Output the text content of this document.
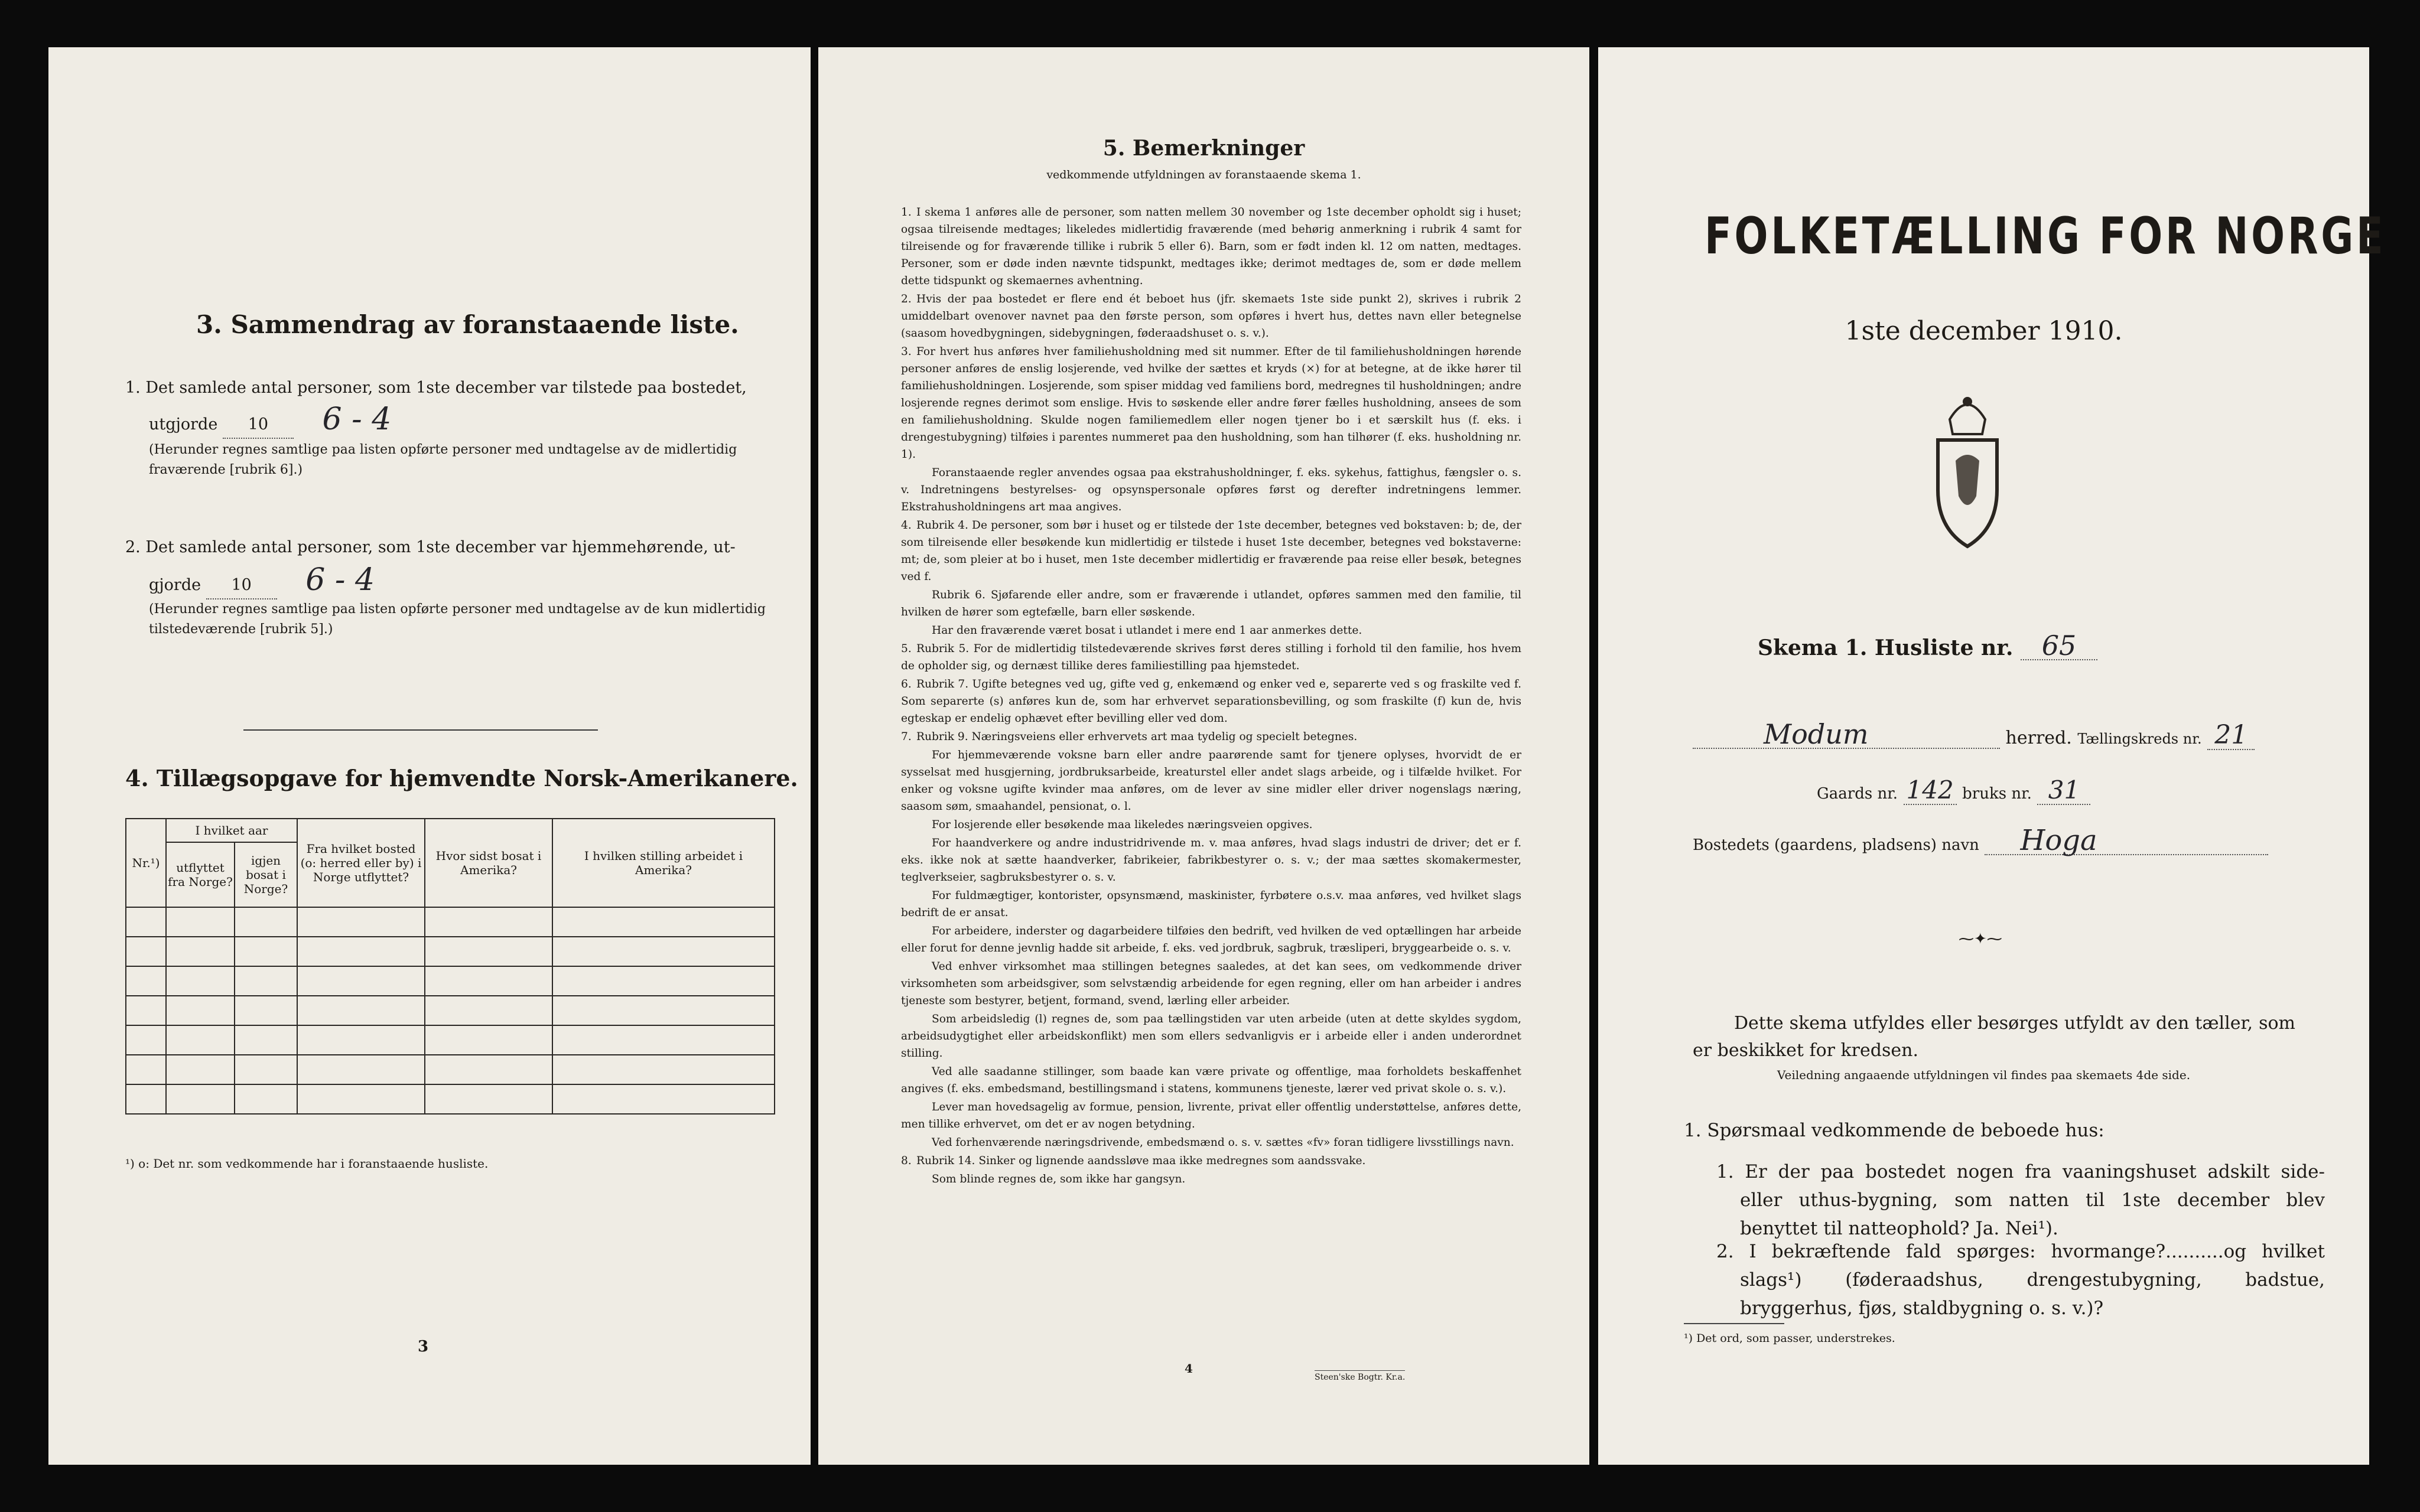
3. Sammendrag av foranstaaende liste.
1. Det samlede antal personer, som 1ste december var tilstede paa bostedet,
utgjorde 10 6 - 4
(Herunder regnes samtlige paa listen opførte personer med undtagelse av de midlertidig fraværende [rubrik 6].)
2. Det samlede antal personer, som 1ste december var hjemmehørende, ut-
gjorde 10 6 - 4
(Herunder regnes samtlige paa listen opførte personer med undtagelse av de kun midlertidig tilstedeværende [rubrik 5].)
4. Tillægsopgave for hjemvendte Norsk-Amerikanere.
Nr.¹)	I hvilket aar		Fra hvilket bosted (o: herred eller by) i Norge utflyttet?	Hvor sidst bosat i Amerika?	I hvilken stilling arbeidet i Amerika?
	utflyttet fra Norge?	igjen bosat i Norge?			

¹) o: Det nr. som vedkommende har i foranstaaende husliste.
3
5. Bemerkninger
vedkommende utfyldningen av foranstaaende skema 1.

1. I skema 1 anføres alle de personer, som natten mellem 30 november og 1ste december opholdt sig i huset; ogsaa tilreisende medtages; likeledes midlertidig fraværende (med behørig anmerkning i rubrik 4 samt for tilreisende og for fraværende tillike i rubrik 5 eller 6). Barn, som er født inden kl. 12 om natten, medtages. Personer, som er døde inden nævnte tidspunkt, medtages ikke; derimot medtages de, som er døde mellem dette tidspunkt og skemaernes avhentning.

2. Hvis der paa bostedet er flere end ét beboet hus (jfr. skemaets 1ste side punkt 2), skrives i rubrik 2 umiddelbart ovenover navnet paa den første person, som opføres i hvert hus, dettes navn eller betegnelse (saasom hovedbygningen, sidebygningen, føderaadshuset o. s. v.).

3. For hvert hus anføres hver familiehusholdning med sit nummer. Efter de til familiehusholdningen hørende personer anføres de enslig losjerende, ved hvilke der sættes et kryds (×) for at betegne, at de ikke hører til familiehusholdningen. Losjerende, som spiser middag ved familiens bord, medregnes til husholdningen; andre losjerende regnes derimot som enslige. Hvis to søskende eller andre fører fælles husholdning, ansees de som en familiehusholdning. Skulde nogen familiemedlem eller nogen tjener bo i et særskilt hus (f. eks. i drengestubygning) tilføies i parentes nummeret paa den husholdning, som han tilhører (f. eks. husholdning nr. 1).

Foranstaaende regler anvendes ogsaa paa ekstrahusholdninger, f. eks. sykehus, fattighus, fængsler o. s. v. Indretningens bestyrelses- og opsynspersonale opføres først og derefter indretningens lemmer. Ekstrahusholdningens art maa angives.

4. Rubrik 4. De personer, som bør i huset og er tilstede der 1ste december, betegnes ved bokstaven: b; de, der som tilreisende eller besøkende kun midlertidig er tilstede i huset 1ste december, betegnes ved bokstaverne: mt; de, som pleier at bo i huset, men 1ste december midlertidig er fraværende paa reise eller besøk, betegnes ved f.

Rubrik 6. Sjøfarende eller andre, som er fraværende i utlandet, opføres sammen med den familie, til hvilken de hører som egtefælle, barn eller søskende.

Har den fraværende været bosat i utlandet i mere end 1 aar anmerkes dette.

5. Rubrik 5. For de midlertidig tilstedeværende skrives først deres stilling i forhold til den familie, hos hvem de opholder sig, og dernæst tillike deres familiestilling paa hjemstedet.

6. Rubrik 7. Ugifte betegnes ved ug, gifte ved g, enkemænd og enker ved e, separerte ved s og fraskilte ved f. Som separerte (s) anføres kun de, som har erhvervet separationsbevilling, og som fraskilte (f) kun de, hvis egteskap er endelig ophævet efter bevilling eller ved dom.

7. Rubrik 9. Næringsveiens eller erhvervets art maa tydelig og specielt betegnes.

For hjemmeværende voksne barn eller andre paarørende samt for tjenere oplyses, hvorvidt de er sysselsat med husgjerning, jordbruksarbeide, kreaturstel eller andet slags arbeide, og i tilfælde hvilket. For enker og voksne ugifte kvinder maa anføres, om de lever av sine midler eller driver nogenslags næring, saasom søm, smaahandel, pensionat, o. l.

For losjerende eller besøkende maa likeledes næringsveien opgives.

For haandverkere og andre industridrivende m. v. maa anføres, hvad slags industri de driver; det er f. eks. ikke nok at sætte haandverker, fabrikeier, fabrikbestyrer o. s. v.; der maa sættes skomakermester, teglverkseier, sagbruksbestyrer o. s. v.

For fuldmægtiger, kontorister, opsynsmænd, maskinister, fyrbøtere o.s.v. maa anføres, ved hvilket slags bedrift de er ansat.

For arbeidere, inderster og dagarbeidere tilføies den bedrift, ved hvilken de ved optællingen har arbeide eller forut for denne jevnlig hadde sit arbeide, f. eks. ved jordbruk, sagbruk, træsliperi, bryggearbeide o. s. v.

Ved enhver virksomhet maa stillingen betegnes saaledes, at det kan sees, om vedkommende driver virksomheten som arbeidsgiver, som selvstændig arbeidende for egen regning, eller om han arbeider i andres tjeneste som bestyrer, betjent, formand, svend, lærling eller arbeider.

Som arbeidsledig (l) regnes de, som paa tællingstiden var uten arbeide (uten at dette skyldes sygdom, arbeidsudygtighet eller arbeidskonflikt) men som ellers sedvanligvis er i arbeide eller i anden underordnet stilling.

Ved alle saadanne stillinger, som baade kan være private og offentlige, maa forholdets beskaffenhet angives (f. eks. embedsmand, bestillingsmand i statens, kommunens tjeneste, lærer ved privat skole o. s. v.).

Lever man hovedsagelig av formue, pension, livrente, privat eller offentlig understøttelse, anføres dette, men tillike erhvervet, om det er av nogen betydning.

Ved forhenværende næringsdrivende, embedsmænd o. s. v. sættes «fv» foran tidligere livsstillings navn.

8. Rubrik 14. Sinker og lignende aandssløve maa ikke medregnes som aandssvake.

Som blinde regnes de, som ikke har gangsyn.

4
Steen'ske Bogtr. Kr.a.
FOLKETÆLLING FOR NORGE
1ste december 1910.
Skema 1. Husliste nr. 65
Modum	herred. Tællingskreds nr. 21
Gaards nr. 142 bruks nr. 31
Bostedets (gaardens, pladsens) navn Hoga
⁓✦⁓
Dette skema utfyldes eller besørges utfyldt av den tæller, som er beskikket for kredsen.
Veiledning angaaende utfyldningen vil findes paa skemaets 4de side.
1. Spørsmaal vedkommende de beboede hus:
1. Er der paa bostedet nogen fra vaaningshuset adskilt side- eller uthus-bygning, som natten til 1ste december blev benyttet til natteophold? Ja. Nei¹).
2. I bekræftende fald spørges: hvormange?..........og hvilket slags¹) (føderaadshus, drengestubygning, badstue, bryggerhus, fjøs, staldbygning o. s. v.)?
¹) Det ord, som passer, understrekes.
